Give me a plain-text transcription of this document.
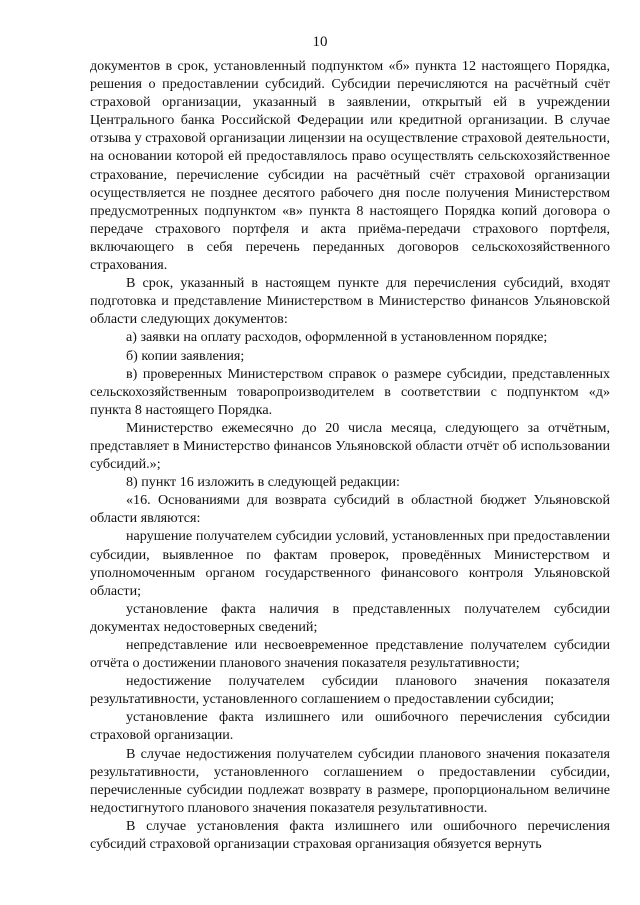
10

документов в срок, установленный подпунктом «б» пункта 12 настоящего Порядка, решения о предоставлении субсидий. Субсидии перечисляются на расчётный счёт страховой организации, указанный в заявлении, открытый ей в учреждении Центрального банка Российской Федерации или кредитной организации. В случае отзыва у страховой организации лицензии на осуществление страховой деятельности, на основании которой ей предоставлялось право осуществлять сельскохозяйственное страхование, перечисление субсидии на расчётный счёт страховой организации осуществляется не позднее десятого рабочего дня после получения Министерством предусмотренных подпунктом «в» пункта 8 настоящего Порядка копий договора о передаче страхового портфеля и акта приёма-передачи страхового портфеля, включающего в себя перечень переданных договоров сельскохозяйственного страхования.

В срок, указанный в настоящем пункте для перечисления субсидий, входят подготовка и представление Министерством в Министерство финансов Ульяновской области следующих документов:

а) заявки на оплату расходов, оформленной в установленном порядке;

б) копии заявления;

в) проверенных Министерством справок о размере субсидии, представленных сельскохозяйственным товаропроизводителем в соответствии с подпунктом «д» пункта 8 настоящего Порядка.

Министерство ежемесячно до 20 числа месяца, следующего за отчётным, представляет в Министерство финансов Ульяновской области отчёт об использовании субсидий.»;

8) пункт 16 изложить в следующей редакции:

«16. Основаниями для возврата субсидий в областной бюджет Ульяновской области являются:

нарушение получателем субсидии условий, установленных при предоставлении субсидии, выявленное по фактам проверок, проведённых Министерством и уполномоченным органом государственного финансового контроля Ульяновской области;

установление факта наличия в представленных получателем субсидии документах недостоверных сведений;

непредставление или несвоевременное представление получателем субсидии отчёта о достижении планового значения показателя результативности;

недостижение получателем субсидии планового значения показателя результативности, установленного соглашением о предоставлении субсидии;

установление факта излишнего или ошибочного перечисления субсидии страховой организации.

В случае недостижения получателем субсидии планового значения показателя результативности, установленного соглашением о предоставлении субсидии, перечисленные субсидии подлежат возврату в размере, пропорциональном величине недостигнутого планового значения показателя результативности.

В случае установления факта излишнего или ошибочного перечисления субсидий страховой организации страховая организация обязуется вернуть
